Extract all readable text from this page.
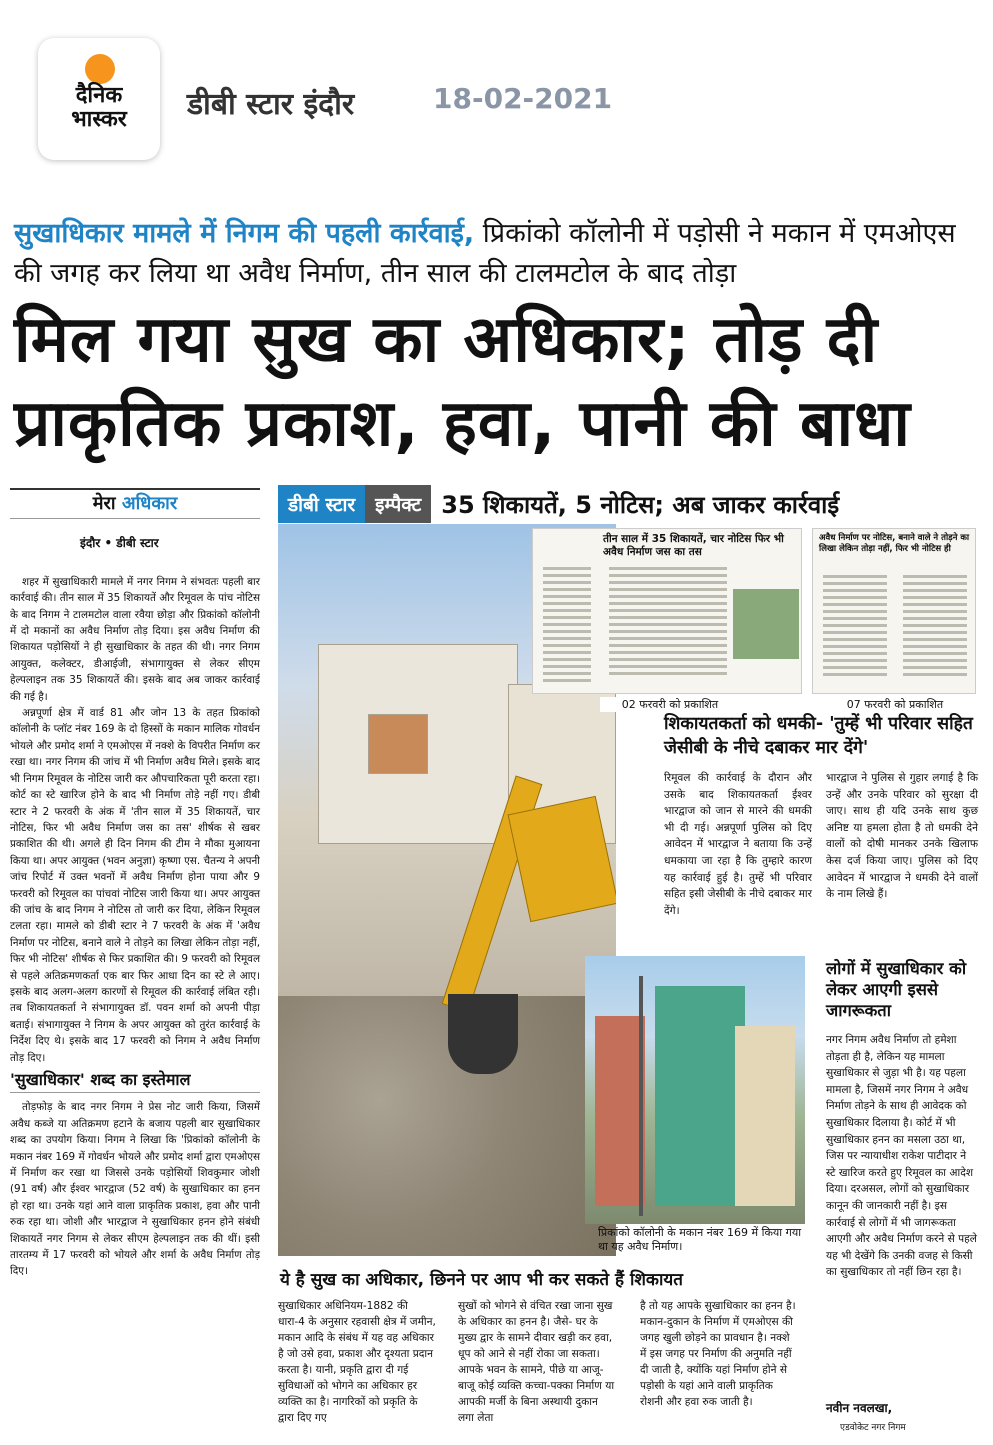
दैनिक भास्कर	डीबी स्टार इंदौर	18-02-2021
सुखाधिकार मामले में निगम की पहली कार्रवाई, प्रिकांको कॉलोनी में पड़ोसी ने मकान में एमओएस की जगह कर लिया था अवैध निर्माण, तीन साल की टालमटोल के बाद तोड़ा
मिल गया सुख का अधिकार; तोड़ दी प्राकृतिक प्रकाश, हवा, पानी की बाधा
मेरा अधिकार
इंदौर • डीबी स्टार

शहर में सुखाधिकारी मामले में नगर निगम ने संभवतः पहली बार कार्रवाई की। तीन साल में 35 शिकायतें और रिमूवल के पांच नोटिस के बाद निगम ने टालमटोल वाला रवैया छोड़ा और प्रिकांको कॉलोनी में दो मकानों का अवैध निर्माण तोड़ दिया। इस अवैध निर्माण की शिकायत पड़ोसियों ने ही सुखाधिकार के तहत की थी। नगर निगम आयुक्त, कलेक्टर, डीआईजी, संभागायुक्त से लेकर सीएम हेल्पलाइन तक 35 शिकायतें की। इसके बाद अब जाकर कार्रवाई की गई है।

अन्नपूर्णा क्षेत्र में वार्ड 81 और जोन 13 के तहत प्रिकांको कॉलोनी के प्लॉट नंबर 169 के दो हिस्सों के मकान मालिक गोवर्धन भोयले और प्रमोद शर्मा ने एमओएस में नक्शे के विपरीत निर्माण कर रखा था। नगर निगम की जांच में भी निर्माण अवैध मिले। इसके बाद भी निगम रिमूवल के नोटिस जारी कर औपचारिकता पूरी करता रहा। कोर्ट का स्टे खारिज होने के बाद भी निर्माण तोड़े नहीं गए। डीबी स्टार ने 2 फरवरी के अंक में 'तीन साल में 35 शिकायतें, चार नोटिस, फिर भी अवैध निर्माण जस का तस' शीर्षक से खबर प्रकाशित की थी। अगले ही दिन निगम की टीम ने मौका मुआयना किया था। अपर आयुक्त (भवन अनुज्ञा) कृष्णा एस. चैतन्य ने अपनी जांच रिपोर्ट में उक्त भवनों में अवैध निर्माण होना पाया और 9 फरवरी को रिमूवल का पांचवां नोटिस जारी किया था। अपर आयुक्त की जांच के बाद निगम ने नोटिस तो जारी कर दिया, लेकिन रिमूवल टलता रहा। मामले को डीबी स्टार ने 7 फरवरी के अंक में 'अवैध निर्माण पर नोटिस, बनाने वाले ने तोड़ने का लिखा लेकिन तोड़ा नहीं, फिर भी नोटिस' शीर्षक से फिर प्रकाशित की। 9 फरवरी को रिमूवल से पहले अतिक्रमणकर्ता एक बार फिर आधा दिन का स्टे ले आए। इसके बाद अलग-अलग कारणों से रिमूवल की कार्रवाई लंबित रही। तब शिकायतकर्ता ने संभागायुक्त डॉ. पवन शर्मा को अपनी पीड़ा बताई। संभागायुक्त ने निगम के अपर आयुक्त को तुरंत कार्रवाई के निर्देश दिए थे। इसके बाद 17 फरवरी को निगम ने अवैध निर्माण तोड़ दिए।

'सुखाधिकार' शब्द का इस्तेमाल

तोड़फोड़ के बाद नगर निगम ने प्रेस नोट जारी किया, जिसमें अवैध कब्जे या अतिक्रमण हटाने के बजाय पहली बार सुखाधिकार शब्द का उपयोग किया। निगम ने लिखा कि 'प्रिकांको कॉलोनी के मकान नंबर 169 में गोवर्धन भोयले और प्रमोद शर्मा द्वारा एमओएस में निर्माण कर रखा था जिससे उनके पड़ोसियों शिवकुमार जोशी (91 वर्ष) और ईश्वर भारद्वाज (52 वर्ष) के सुखाधिकार का हनन हो रहा था। उनके यहां आने वाला प्राकृतिक प्रकाश, हवा और पानी रुक रहा था। जोशी और भारद्वाज ने सुखाधिकार हनन होने संबंधी शिकायतें नगर निगम से लेकर सीएम हेल्पलाइन तक की थीं। इसी तारतम्य में 17 फरवरी को भोयले और शर्मा के अवैध निर्माण तोड़ दिए।

डीबी स्टार	इम्पैक्ट 35 शिकायतें, 5 नोटिस; अब जाकर कार्रवाई
तीन साल में 35 शिकायतें, चार नोटिस फिर भी अवैध निर्माण जस का तस
02 फरवरी को प्रकाशित
अवैध निर्माण पर नोटिस, बनाने वाले ने तोड़ने का लिखा लेकिन तोड़ा नहीं, फिर भी नोटिस ही
07 फरवरी को प्रकाशित
शिकायतकर्ता को धमकी- 'तुम्हें भी परिवार सहित जेसीबी के नीचे दबाकर मार देंगे'
रिमूवल की कार्रवाई के दौरान और उसके बाद शिकायतकर्ता ईश्वर भारद्वाज को जान से मारने की धमकी भी दी गई। अन्नपूर्णा पुलिस को दिए आवेदन में भारद्वाज ने बताया कि उन्हें धमकाया जा रहा है कि तुम्हारे कारण यह कार्रवाई हुई है। तुम्हें भी परिवार सहित इसी जेसीबी के नीचे दबाकर मार देंगे।
भारद्वाज ने पुलिस से गुहार लगाई है कि उन्हें और उनके परिवार को सुरक्षा दी जाए। साथ ही यदि उनके साथ कुछ अनिष्ट या हमला होता है तो धमकी देने वालों को दोषी मानकर उनके खिलाफ केस दर्ज किया जाए। पुलिस को दिए आवेदन में भारद्वाज ने धमकी देने वालों के नाम लिखे हैं।
प्रिकांको कॉलोनी के मकान नंबर 169 में किया गया था यह अवैध निर्माण।
लोगों में सुखाधिकार को लेकर आएगी इससे जागरूकता
नगर निगम अवैध निर्माण तो हमेशा तोड़ता ही है, लेकिन यह मामला सुखाधिकार से जुड़ा भी है। यह पहला मामला है, जिसमें नगर निगम ने अवैध निर्माण तोड़ने के साथ ही आवेदक को सुखाधिकार दिलाया है। कोर्ट में भी सुखाधिकार हनन का मसला उठा था, जिस पर न्यायाधीश राकेश पाटीदार ने स्टे खारिज करते हुए रिमूवल का आदेश दिया। दरअसल, लोगों को सुखाधिकार कानून की जानकारी नहीं है। इस कार्रवाई से लोगों में भी जागरूकता आएगी और अवैध निर्माण करने से पहले यह भी देखेंगे कि उनकी वजह से किसी का सुखाधिकार तो नहीं छिन रहा है।
नवीन नवलखा,
एडवोकेट नगर निगम
ये है सुख का अधिकार, छिनने पर आप भी कर सकते हैं शिकायत
सुखाधिकार अधिनियम-1882 की धारा-4 के अनुसार रहवासी क्षेत्र में जमीन, मकान आदि के संबंध में यह वह अधिकार है जो उसे हवा, प्रकाश और दृश्यता प्रदान करता है। यानी, प्रकृति द्वारा दी गई सुविधाओं को भोगने का अधिकार हर व्यक्ति का है। नागरिकों को प्रकृति के द्वारा दिए गए
सुखों को भोगने से वंचित रखा जाना सुख के अधिकार का हनन है। जैसे- घर के मुख्य द्वार के सामने दीवार खड़ी कर हवा, धूप को आने से नहीं रोका जा सकता। आपके भवन के सामने, पीछे या आजू-बाजू कोई व्यक्ति कच्चा-पक्का निर्माण या आपकी मर्जी के बिना अस्थायी दुकान लगा लेता
है तो यह आपके सुखाधिकार का हनन है। मकान-दुकान के निर्माण में एमओएस की जगह खुली छोड़ने का प्रावधान है। नक्शे में इस जगह पर निर्माण की अनुमति नहीं दी जाती है, क्योंकि यहां निर्माण होने से पड़ोसी के यहां आने वाली प्राकृतिक रोशनी और हवा रुक जाती है।
